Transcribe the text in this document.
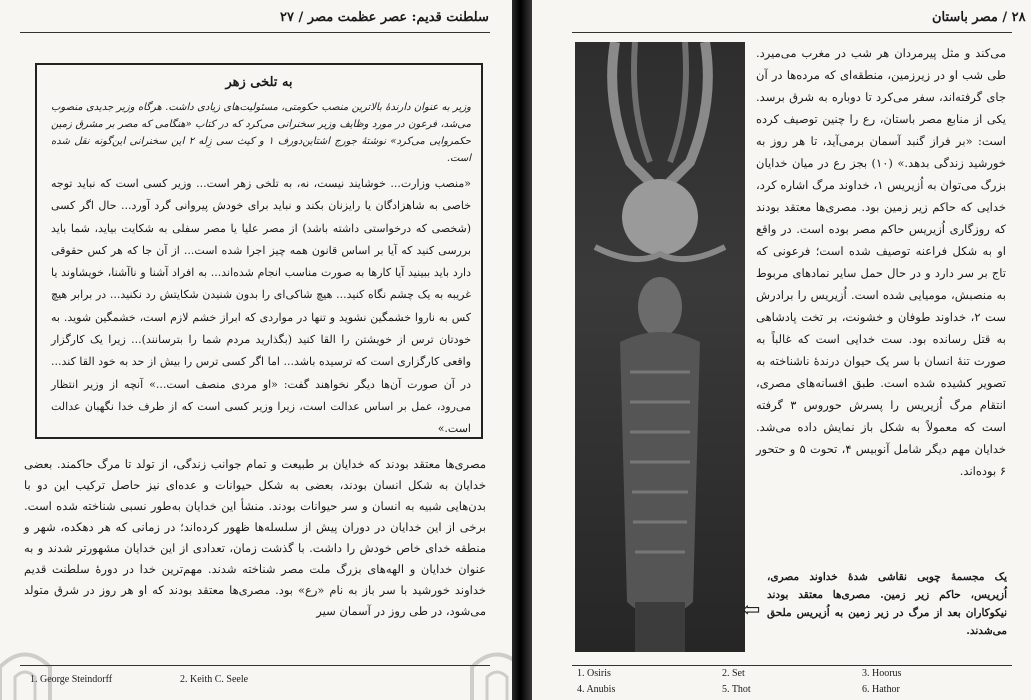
سلطنت قدیم: عصر عظمت مصر / ۲۷
به تلخی زهر
وزیر به عنوان دارندهٔ بالاترین منصب حکومتی، مسئولیت‌های زیادی داشت. هرگاه وزیر جدیدی منصوب می‌شد، فرعون در مورد وظایف وزیر سخنرانی می‌کرد که در کتاب «هنگامی که مصر بر مشرق زمین حکمروایی می‌کرد» نوشتهٔ جورج اشتاین‌دورف ۱ و کیث سی زِله ۲ این سخنرانی این‌گونه نقل شده است.
«منصب وزارت... خوشایند نیست، نه، به تلخی زهر است... وزیر کسی است که نباید توجه خاصی به شاهزادگان یا رایزنان بکند و نباید برای خودش پیروانی گرد آورد... حال اگر کسی (شخصی که درخواستی داشته باشد) از مصر علیا یا مصر سفلی به شکایت بیاید، شما باید بررسی کنید که آیا بر اساس قانون همه چیز اجرا شده است... از آن جا که هر کس حقوقی دارد باید ببینید آیا کارها به صورت مناسب انجام شده‌اند... به افراد آشنا و ناآشنا، خویشاوند یا غریبه به یک چشم نگاه کنید... هیچ شاکی‌ای را بدون شنیدن شکایتش رد نکنید... در برابر هیچ کس به ناروا خشمگین نشوید و تنها در مواردی که ابراز خشم لازم است، خشمگین شوید. به خودتان ترس از خویشتن را القا کنید (بگذارید مردم شما را بترسانند)... زیرا یک کارگزار واقعی کارگزاری است که ترسیده باشد... اما اگر کسی ترس را بیش از حد به خود القا کند... در آن صورت آن‌ها دیگر نخواهند گفت: «او مردی منصف است...» آنچه از وزیر انتظار می‌رود، عمل بر اساس عدالت است، زیرا وزیر کسی است که از طرف خدا نگهبان عدالت است.»
مصری‌ها معتقد بودند که خدایان بر طبیعت و تمام جوانب زندگی، از تولد تا مرگ حاکمند. بعضی خدایان به شکل انسان بودند، بعضی به شکل حیوانات و عده‌ای نیز حاصل ترکیب این دو با بدن‌هایی شبیه به انسان و سر حیوانات بودند. منشأ این خدایان به‌طور نسبی شناخته شده است. برخی از این خدایان در دوران پیش از سلسله‌ها ظهور کرده‌اند؛ در زمانی که هر دهکده، شهر و منطقه خدای خاص خودش را داشت. با گذشت زمان، تعدادی از این خدایان مشهورتر شدند و به عنوان خدایان و الهه‌های بزرگ ملت مصر شناخته شدند. مهم‌ترین خدا در دورهٔ سلطنت قدیم خداوند خورشید با سر باز به نام «رع» بود. مصری‌ها معتقد بودند که او هر روز در شرق متولد می‌شود، در طی روز در آسمان سیر
1. George Steindorff	2. Keith C. Seele
۲۸ / مصر باستان
می‌کند و مثل پیرمردان هر شب در مغرب می‌میرد. طی شب او در زیرزمین، منطقه‌ای که مرده‌ها در آن جای گرفته‌اند، سفر می‌کرد تا دوباره به شرق برسد. یکی از منابع مصر باستان، رع را چنین توصیف کرده است: «بر فراز گنبد آسمان برمی‌آید، تا هر روز به خورشید زندگی بدهد.» (۱۰) بجز رع در میان خدایان بزرگ می‌توان به اُزیریس ۱، خداوند مرگ اشاره کرد، خدایی که حاکم زیر زمین بود. مصری‌ها معتقد بودند که روزگاری اُزیریس حاکم مصر بوده است. در واقع او به شکل فراعنه توصیف شده است؛ فرعونی که تاج بر سر دارد و در حال حمل سایر نمادهای مربوط به منصبش، مومیایی شده است. اُزیریس را برادرش ست ۲، خداوند طوفان و خشونت، بر تخت پادشاهی به قتل رسانده بود. ست خدایی است که غالباً به صورت تنهٔ انسان با سر یک حیوان درندهٔ ناشناخته به تصویر کشیده شده است. طبق افسانه‌های مصری، انتقام مرگ اُزیریس را پسرش حوروس ۳ گرفته است که معمولاً به شکل باز نمایش داده می‌شد. خدایان مهم دیگر شامل آنوبیس ۴، تحوت ۵ و حتحور ۶ بوده‌اند.
یک مجسمهٔ چوبی نقاشی شدهٔ خداوند مصری، اُزیریس، حاکم زیر زمین. مصری‌ها معتقد بودند نیکوکاران بعد از مرگ در زیر زمین به اُزیریس ملحق می‌شدند.
⇦
1. Osiris	2. Set	3. Hoorus
4. Anubis	5. Thot	6. Hathor
